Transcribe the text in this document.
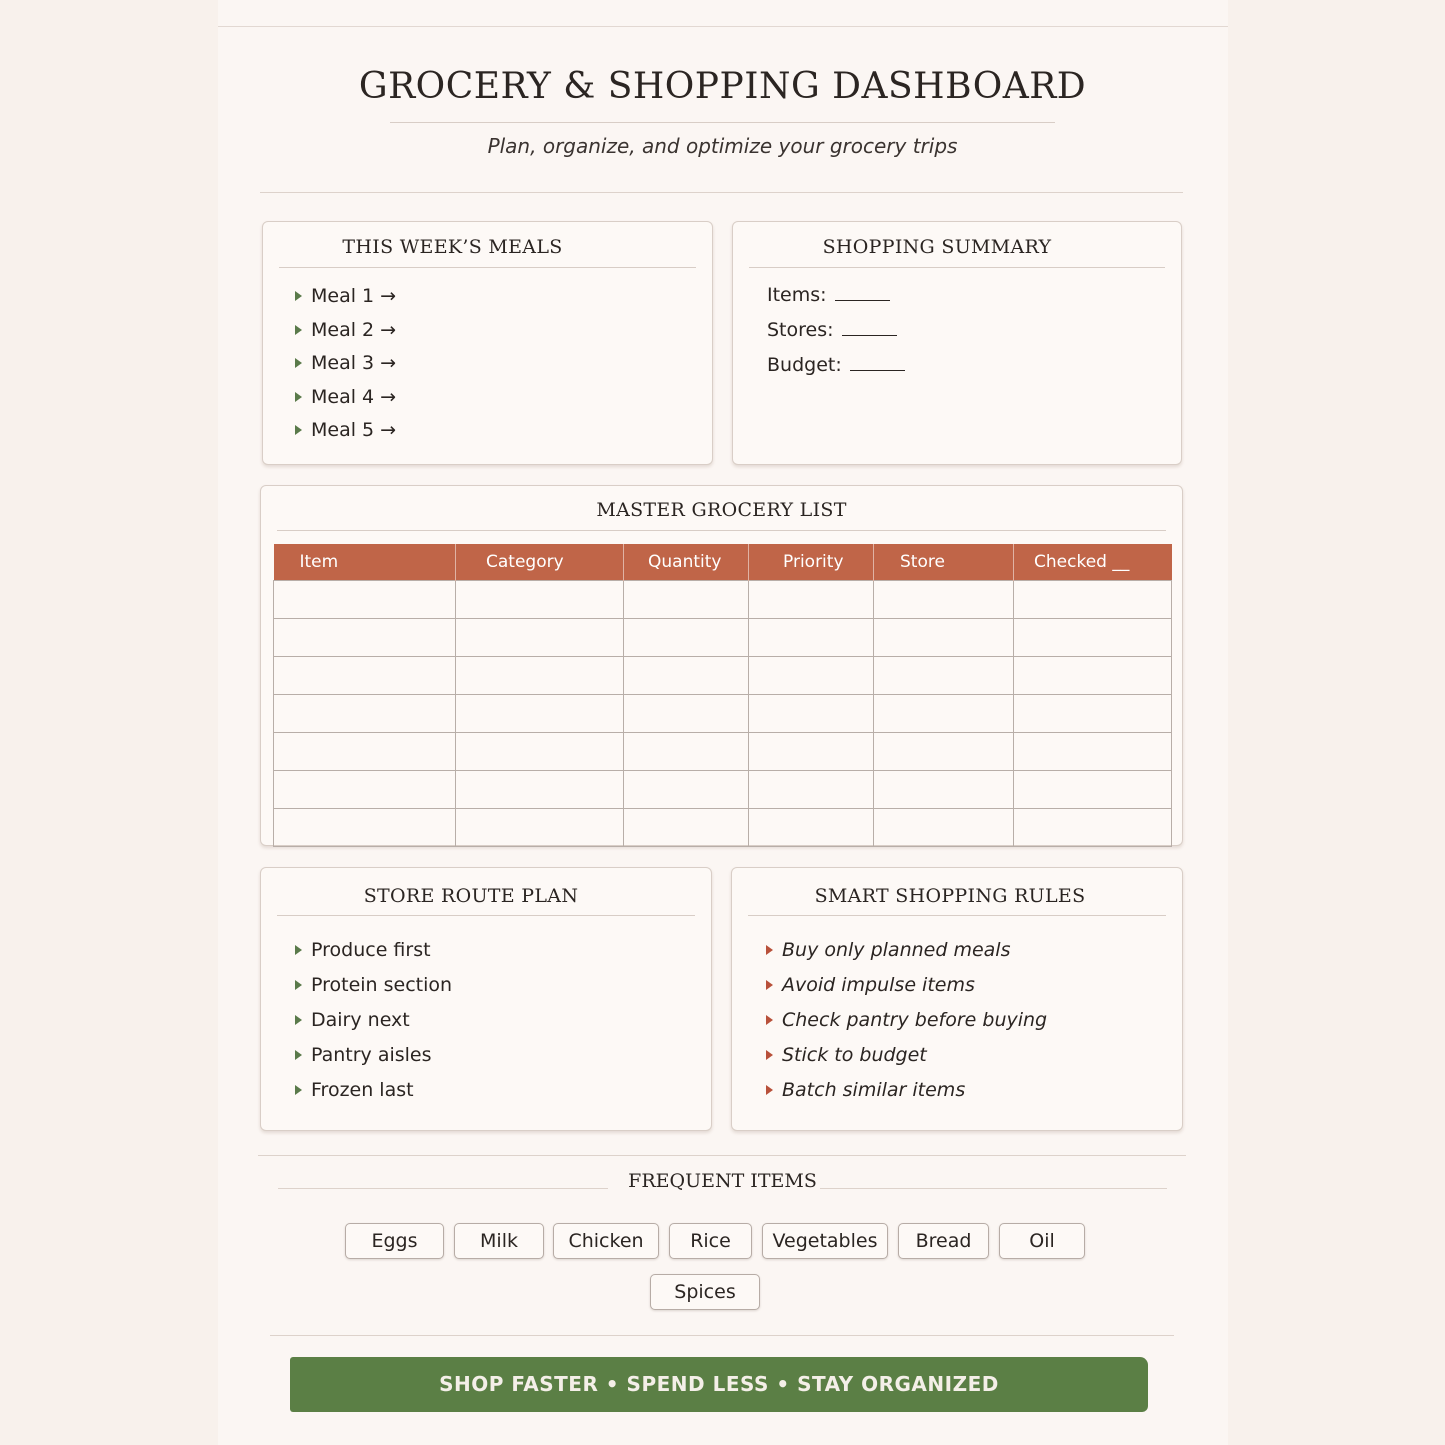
GROCERY & SHOPPING DASHBOARD
Plan, organize, and optimize your grocery trips
THIS WEEK’S MEALS
Meal 1 →
Meal 2 →
Meal 3 →
Meal 4 →
Meal 5 →
SHOPPING SUMMARY
Items:
Stores:
Budget:
MASTER GROCERY LIST
Item	Category	Quantity	Priority	Store	Checked __

STORE ROUTE PLAN
Produce first
Protein section
Dairy next
Pantry aisles
Frozen last
SMART SHOPPING RULES
Buy only planned meals
Avoid impulse items
Check pantry before buying
Stick to budget
Batch similar items
FREQUENT ITEMS
Eggs	Milk	Chicken	Rice	Vegetables	Bread	Oil
Spices
SHOP FASTER • SPEND LESS • STAY ORGANIZED
